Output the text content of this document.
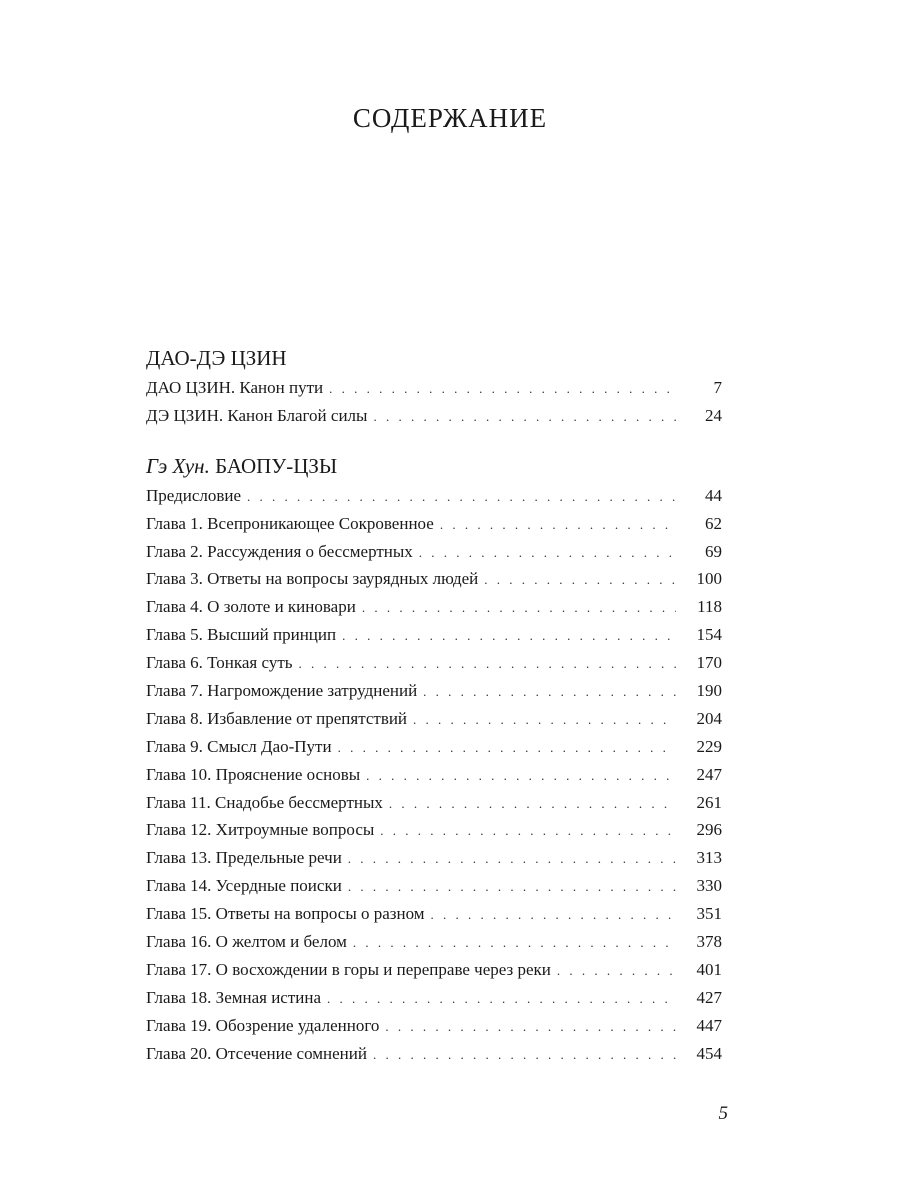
СОДЕРЖАНИЕ
ДАО-ДЭ ЦЗИН
ДАО ЦЗИН. Канон пути . . .	7
ДЭ ЦЗИН. Канон Благой силы . . .	24
Гэ Хун. БАОПУ-ЦЗЫ
Предисловие . . .	44
Глава 1. Всепроникающее Сокровенное . . .	62
Глава 2. Рассуждения о бессмертных . . .	69
Глава 3. Ответы на вопросы заурядных людей . . .	100
Глава 4. О золоте и киновари . . .	118
Глава 5. Высший принцип . . .	154
Глава 6. Тонкая суть . . .	170
Глава 7. Нагромождение затруднений . . .	190
Глава 8. Избавление от препятствий . . .	204
Глава 9. Смысл Дао-Пути . . .	229
Глава 10. Прояснение основы . . .	247
Глава 11. Снадобье бессмертных . . .	261
Глава 12. Хитроумные вопросы . . .	296
Глава 13. Предельные речи . . .	313
Глава 14. Усердные поиски . . .	330
Глава 15. Ответы на вопросы о разном . . .	351
Глава 16. О желтом и белом . . .	378
Глава 17. О восхождении в горы и переправе через реки . . .	401
Глава 18. Земная истина . . .	427
Глава 19. Обозрение удаленного . . .	447
Глава 20. Отсечение сомнений . . .	454
5
